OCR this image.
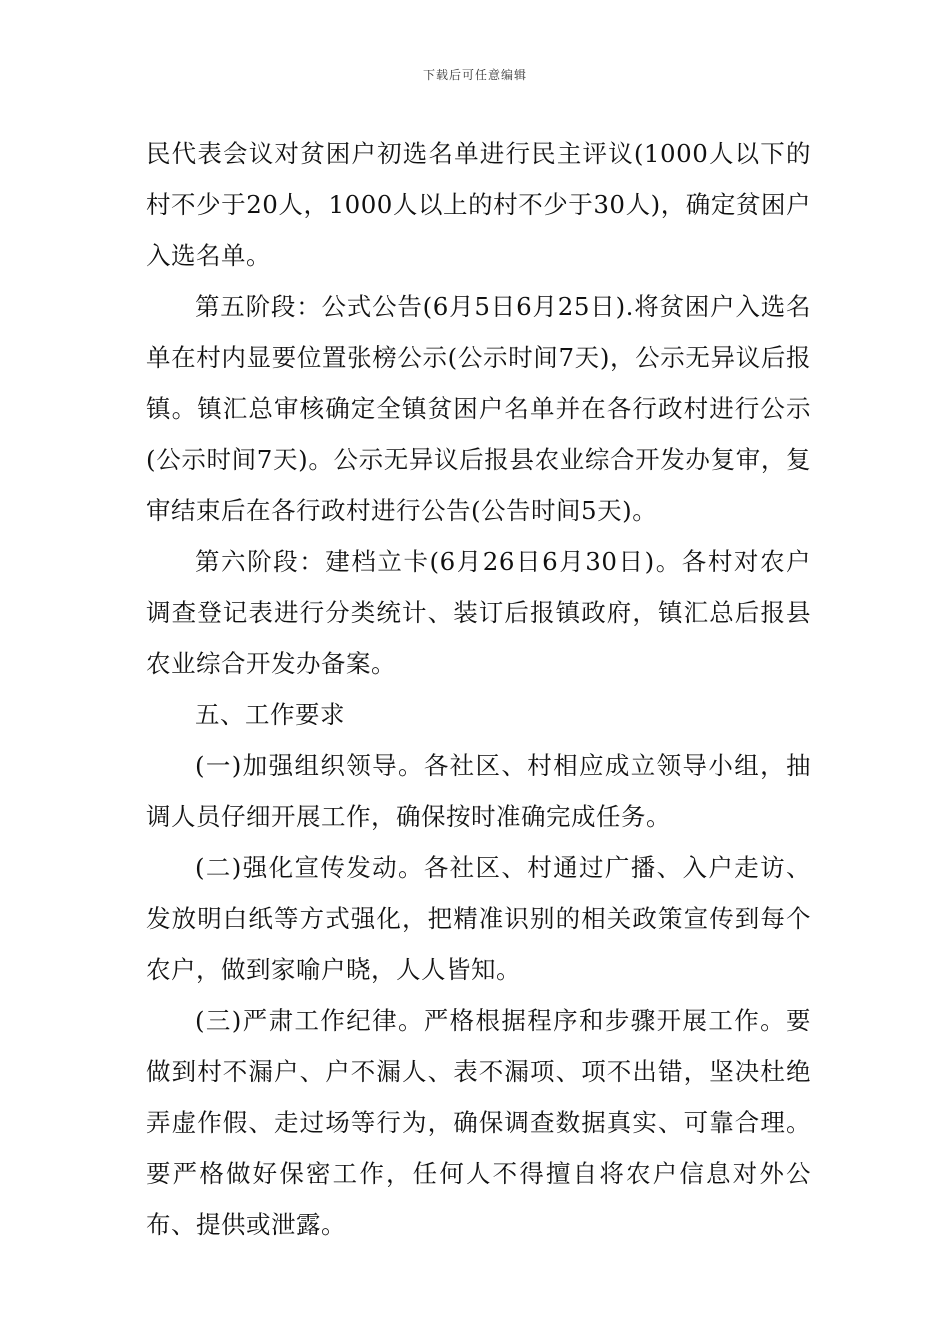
下载后可任意编辑

民代表会议对贫困户初选名单进行民主评议(1000人以下的村不少于20人，1000人以上的村不少于30人)，确定贫困户入选名单。

第五阶段：公式公告(6月5日6月25日).将贫困户入选名单在村内显要位置张榜公示(公示时间7天)，公示无异议后报镇。镇汇总审核确定全镇贫困户名单并在各行政村进行公示(公示时间7天)。公示无异议后报县农业综合开发办复审，复审结束后在各行政村进行公告(公告时间5天)。

第六阶段：建档立卡(6月26日6月30日)。各村对农户调查登记表进行分类统计、装订后报镇政府，镇汇总后报县农业综合开发办备案。

五、工作要求

(一)加强组织领导。各社区、村相应成立领导小组，抽调人员仔细开展工作，确保按时准确完成任务。

(二)强化宣传发动。各社区、村通过广播、入户走访、发放明白纸等方式强化，把精准识别的相关政策宣传到每个农户，做到家喻户晓，人人皆知。

(三)严肃工作纪律。严格根据程序和步骤开展工作。要做到村不漏户、户不漏人、表不漏项、项不出错，坚决杜绝弄虚作假、走过场等行为，确保调查数据真实、可靠合理。要严格做好保密工作，任何人不得擅自将农户信息对外公布、提供或泄露。
